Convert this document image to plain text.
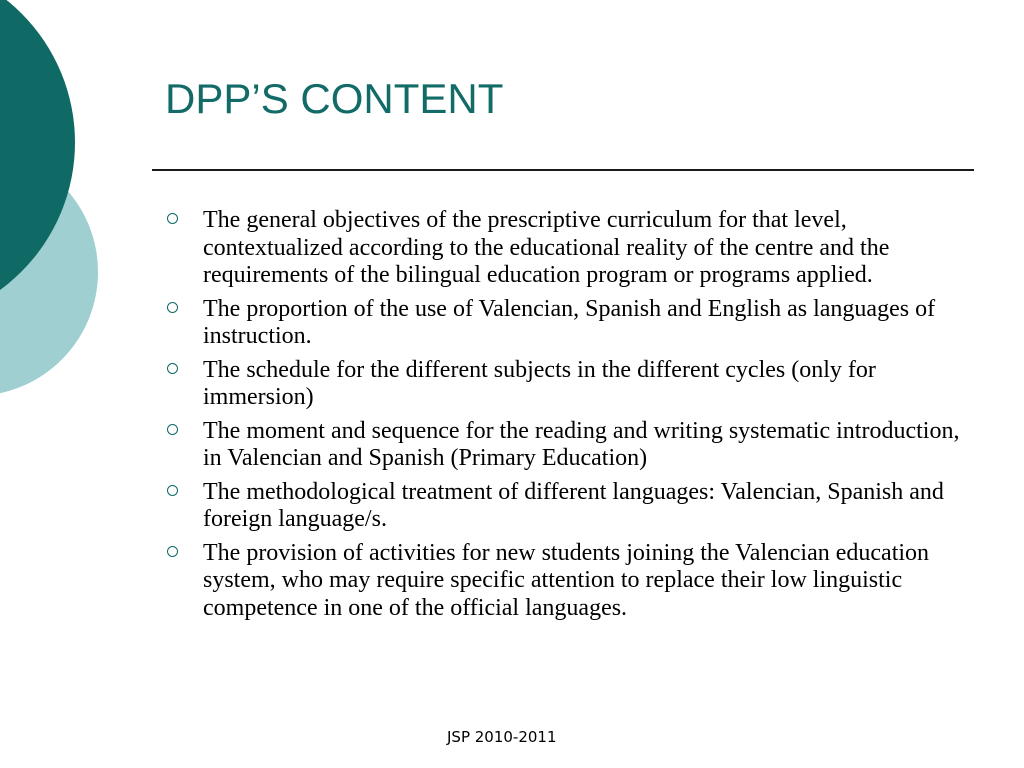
DPP’S CONTENT
The general objectives of the prescriptive curriculum for that level, contextualized according to the educational reality of the centre and the requirements of the bilingual education program or programs applied.
The proportion of the use of Valencian, Spanish and English as languages of instruction.
The schedule for the different subjects in the different cycles (only for immersion)
The moment and sequence for the reading and writing systematic introduction, in Valencian and Spanish (Primary Education)
The methodological treatment of different languages: Valencian, Spanish and foreign language/s.
The provision of activities for new students joining the Valencian education system, who may require specific attention to replace their low linguistic competence in one of the official languages.
JSP 2010-2011
